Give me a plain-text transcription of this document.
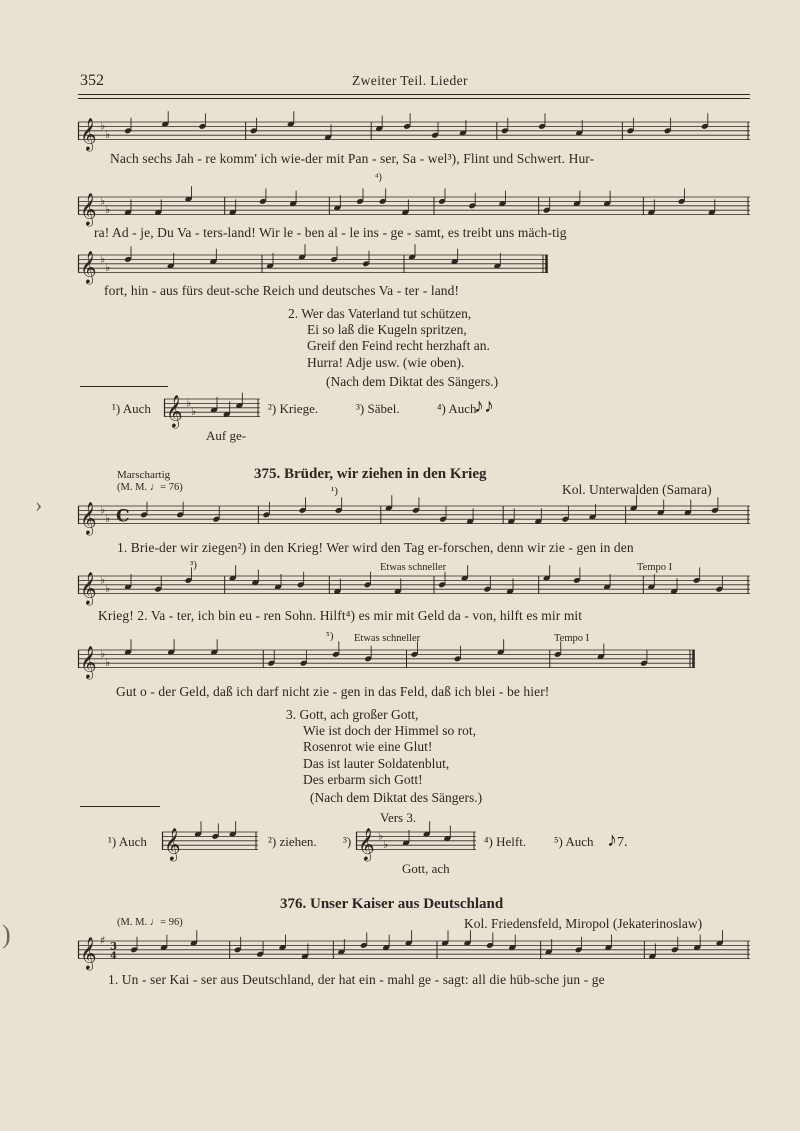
352	Zweiter Teil. Lieder
𝄞 ♭
♭
Nach sechs Jah - re komm' ich wie-der mit Pan - ser, Sa - wel³), Flint und Schwert. Hur-
⁴)
𝄞 ♭
♭
ra! Ad - je, Du Va - ters-land! Wir le - ben al - le ins - ge - samt, es treibt uns mäch-tig
𝄞 ♭
♭
fort, hin - aus fürs deut-sche Reich und deutsches Va - ter - land!
2. Wer das Vaterland tut schützen,
Ei so laß die Kugeln spritzen,
Greif den Feind recht herzhaft an.
Hurra! Adje usw. (wie oben).
(Nach dem Diktat des Sängers.)
¹) Auch 𝄞 ♭
♭
Auf ge-
²) Kriege.	³) Säbel.	⁴) Auch
♪♪
Marschartig
(M. M. ♩= 76)
375. Brüder, wir ziehen in den Krieg
¹)	Kol. Unterwalden (Samara)
𝄞 ♭
♭ C
1. Brie-der wir ziegen²) in den Krieg! Wer wird den Tag er-forschen, denn wir zie - gen in den
³)	Etwas schneller	Tempo I
𝄞 ♭
♭
Krieg! 2. Va - ter, ich bin eu - ren Sohn. Hilft⁴) es mir mit Geld da - von, hilft es mir mit
⁵) Etwas schneller	Tempo I
𝄞 ♭
♭
Gut o - der Geld, daß ich darf nicht zie - gen in das Feld, daß ich blei - be hier!
3. Gott, ach großer Gott,
Wie ist doch der Himmel so rot,
Rosenrot wie eine Glut!
Das ist lauter Soldatenblut,
Des erbarm sich Gott!
(Nach dem Diktat des Sängers.)
Vers 3.
¹) Auch 𝄞	²) ziehen. ³) 𝄞 ♭
♭
Gott, ach
⁴) Helft. ⁵) Auch ♪7.
376. Unser Kaiser aus Deutschland
(M. M. ♩= 96)	Kol. Friedensfeld, Miropol (Jekaterinoslaw)
𝄞 ♯ 3
4
1. Un - ser Kai - ser aus Deutschland, der hat ein - mahl ge - sagt: all die hüb-sche jun - ge
›
)
